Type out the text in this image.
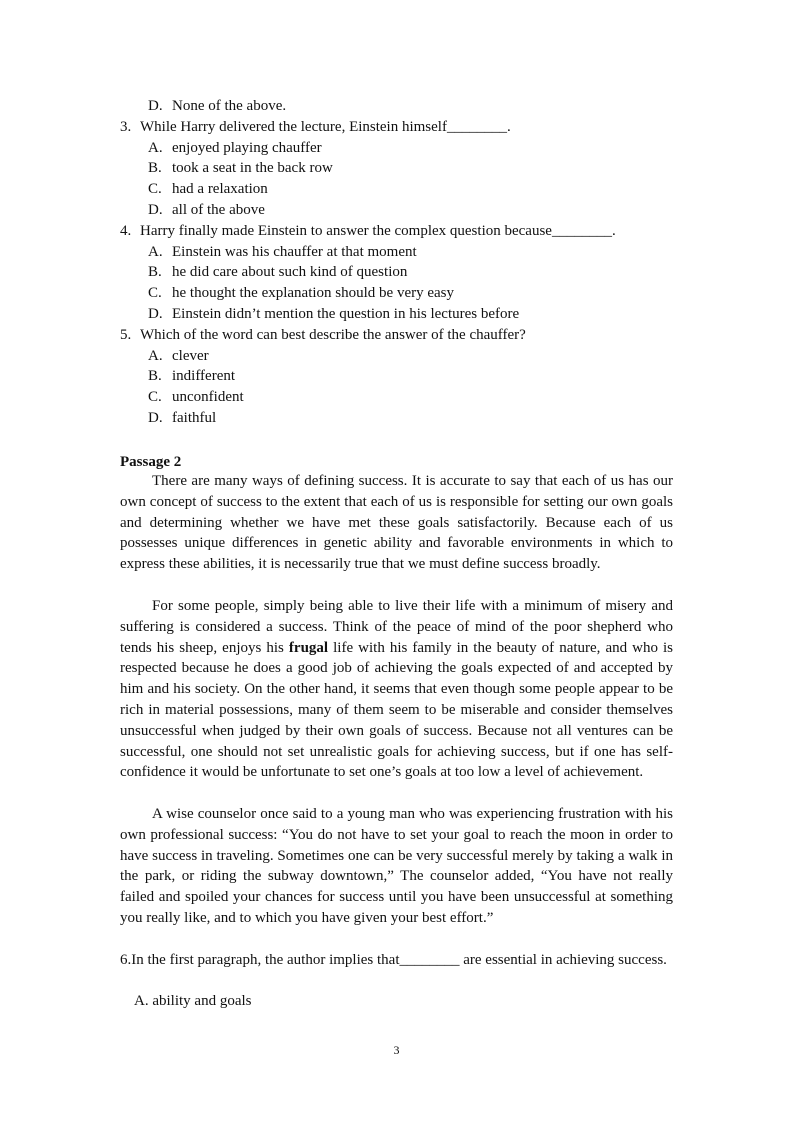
D. None of the above.
3. While Harry delivered the lecture, Einstein himself________.
A. enjoyed playing chauffer
B. took a seat in the back row
C. had a relaxation
D. all of the above
4. Harry finally made Einstein to answer the complex question because________.
A. Einstein was his chauffer at that moment
B. he did care about such kind of question
C. he thought the explanation should be very easy
D. Einstein didn’t mention the question in his lectures before
5. Which of the word can best describe the answer of the chauffer?
A. clever
B. indifferent
C. unconfident
D. faithful
Passage 2

There are many ways of defining success. It is accurate to say that each of us has our own concept of success to the extent that each of us is responsible for setting our own goals and determining whether we have met these goals satisfactorily. Because each of us possesses unique differences in genetic ability and favorable environments in which to express these abilities, it is necessarily true that we must define success broadly.

For some people, simply being able to live their life with a minimum of misery and suffering is considered a success. Think of the peace of mind of the poor shepherd who tends his sheep, enjoys his frugal life with his family in the beauty of nature, and who is respected because he does a good job of achieving the goals expected of and accepted by him and his society. On the other hand, it seems that even though some people appear to be rich in material possessions, many of them seem to be miserable and consider themselves unsuccessful when judged by their own goals of success. Because not all ventures can be successful, one should not set unrealistic goals for achieving success, but if one has self-confidence it would be unfortunate to set one’s goals at too low a level of achievement.

A wise counselor once said to a young man who was experiencing frustration with his own professional success: “You do not have to set your goal to reach the moon in order to have success in traveling. Sometimes one can be very successful merely by taking a walk in the park, or riding the subway downtown,” The counselor added, “You have not really failed and spoiled your chances for success until you have been unsuccessful at something you really like, and to which you have given your best effort.”

6.In the first paragraph, the author implies that________ are essential in achieving success.

A. ability and goals
3
